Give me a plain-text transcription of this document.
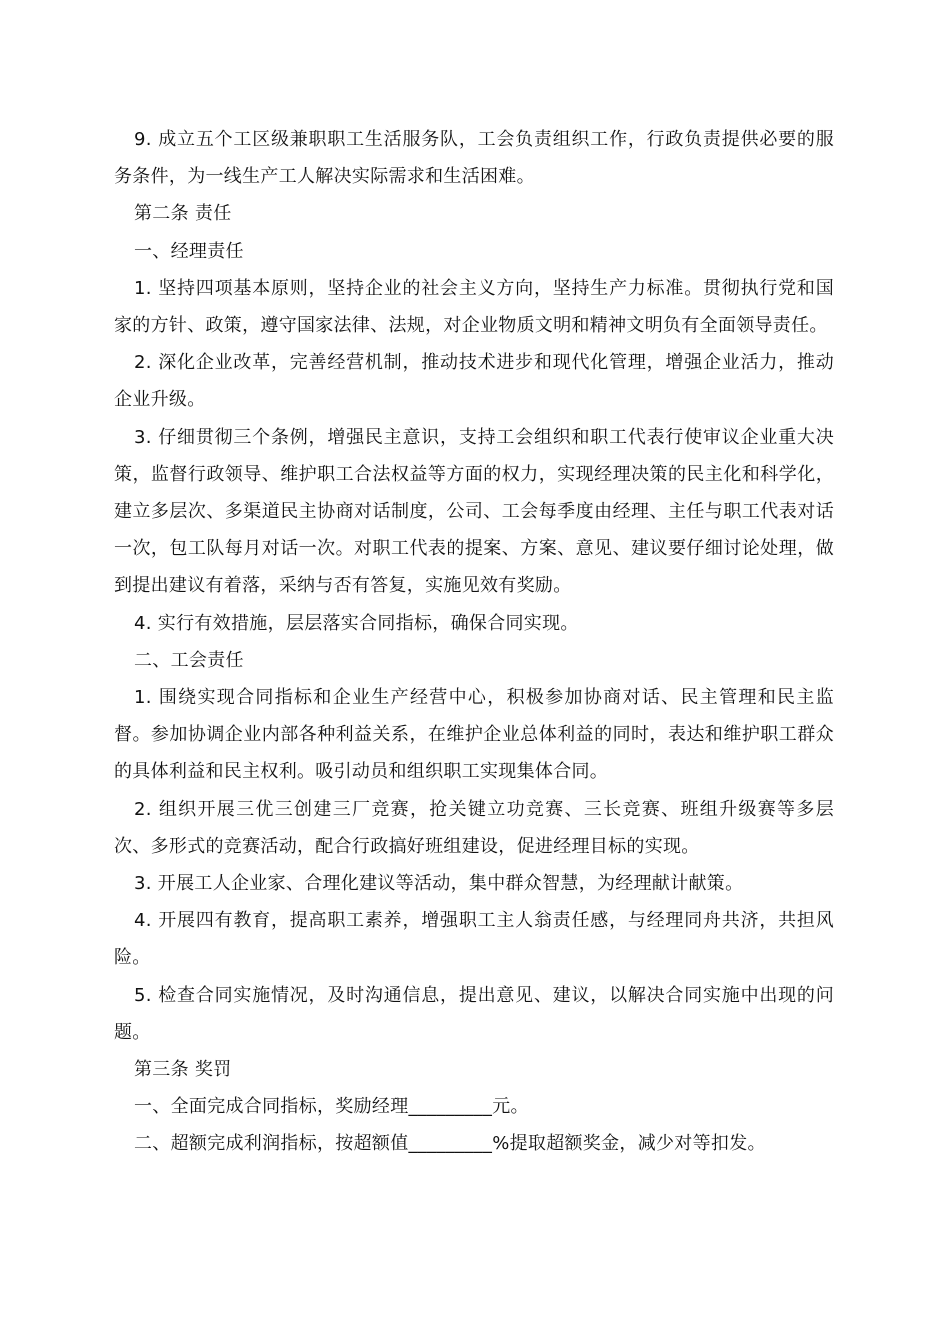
9. 成立五个工区级兼职职工生活服务队，工会负责组织工作，行政负责提供必要的服务条件，为一线生产工人解决实际需求和生活困难。

第二条 责任

一、经理责任

1. 坚持四项基本原则，坚持企业的社会主义方向，坚持生产力标准。贯彻执行党和国家的方针、政策，遵守国家法律、法规，对企业物质文明和精神文明负有全面领导责任。

2. 深化企业改革，完善经营机制，推动技术进步和现代化管理，增强企业活力，推动企业升级。

3. 仔细贯彻三个条例，增强民主意识，支持工会组织和职工代表行使审议企业重大决策，监督行政领导、维护职工合法权益等方面的权力，实现经理决策的民主化和科学化，建立多层次、多渠道民主协商对话制度，公司、工会每季度由经理、主任与职工代表对话一次，包工队每月对话一次。对职工代表的提案、方案、意见、建议要仔细讨论处理，做到提出建议有着落，采纳与否有答复，实施见效有奖励。

4. 实行有效措施，层层落实合同指标，确保合同实现。

二、工会责任

1. 围绕实现合同指标和企业生产经营中心，积极参加协商对话、民主管理和民主监督。参加协调企业内部各种利益关系，在维护企业总体利益的同时，表达和维护职工群众的具体利益和民主权利。吸引动员和组织职工实现集体合同。

2. 组织开展三优三创建三厂竞赛，抢关键立功竞赛、三长竞赛、班组升级赛等多层次、多形式的竞赛活动，配合行政搞好班组建设，促进经理目标的实现。

3. 开展工人企业家、合理化建议等活动，集中群众智慧，为经理献计献策。

4. 开展四有教育，提高职工素养，增强职工主人翁责任感，与经理同舟共济，共担风险。

5. 检查合同实施情况，及时沟通信息，提出意见、建议，以解决合同实施中出现的问题。

第三条 奖罚

一、全面完成合同指标，奖励经理_________元。

二、超额完成利润指标，按超额值_________%提取超额奖金，减少对等扣发。
